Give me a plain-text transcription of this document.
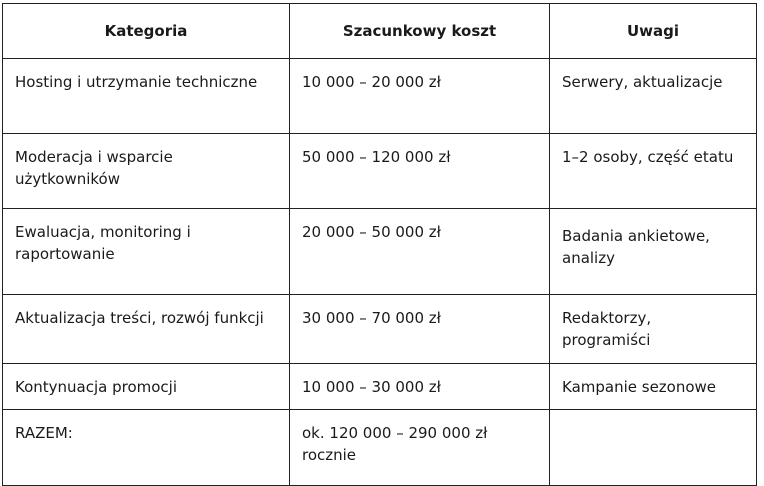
Kategoria	Szacunkowy koszt	Uwagi
Hosting i utrzymanie techniczne	10 000 – 20 000 zł	Serwery, aktualizacje
Moderacja i wsparcie użytkowników	50 000 – 120 000 zł	1–2 osoby, część etatu
Ewaluacja, monitoring i raportowanie	20 000 – 50 000 zł	Badania ankietowe, analizy
Aktualizacja treści, rozwój funkcji	30 000 – 70 000 zł	Redaktorzy, programiści
Kontynuacja promocji	10 000 – 30 000 zł	Kampanie sezonowe
RAZEM:	ok. 120 000 – 290 000 zł rocznie	
